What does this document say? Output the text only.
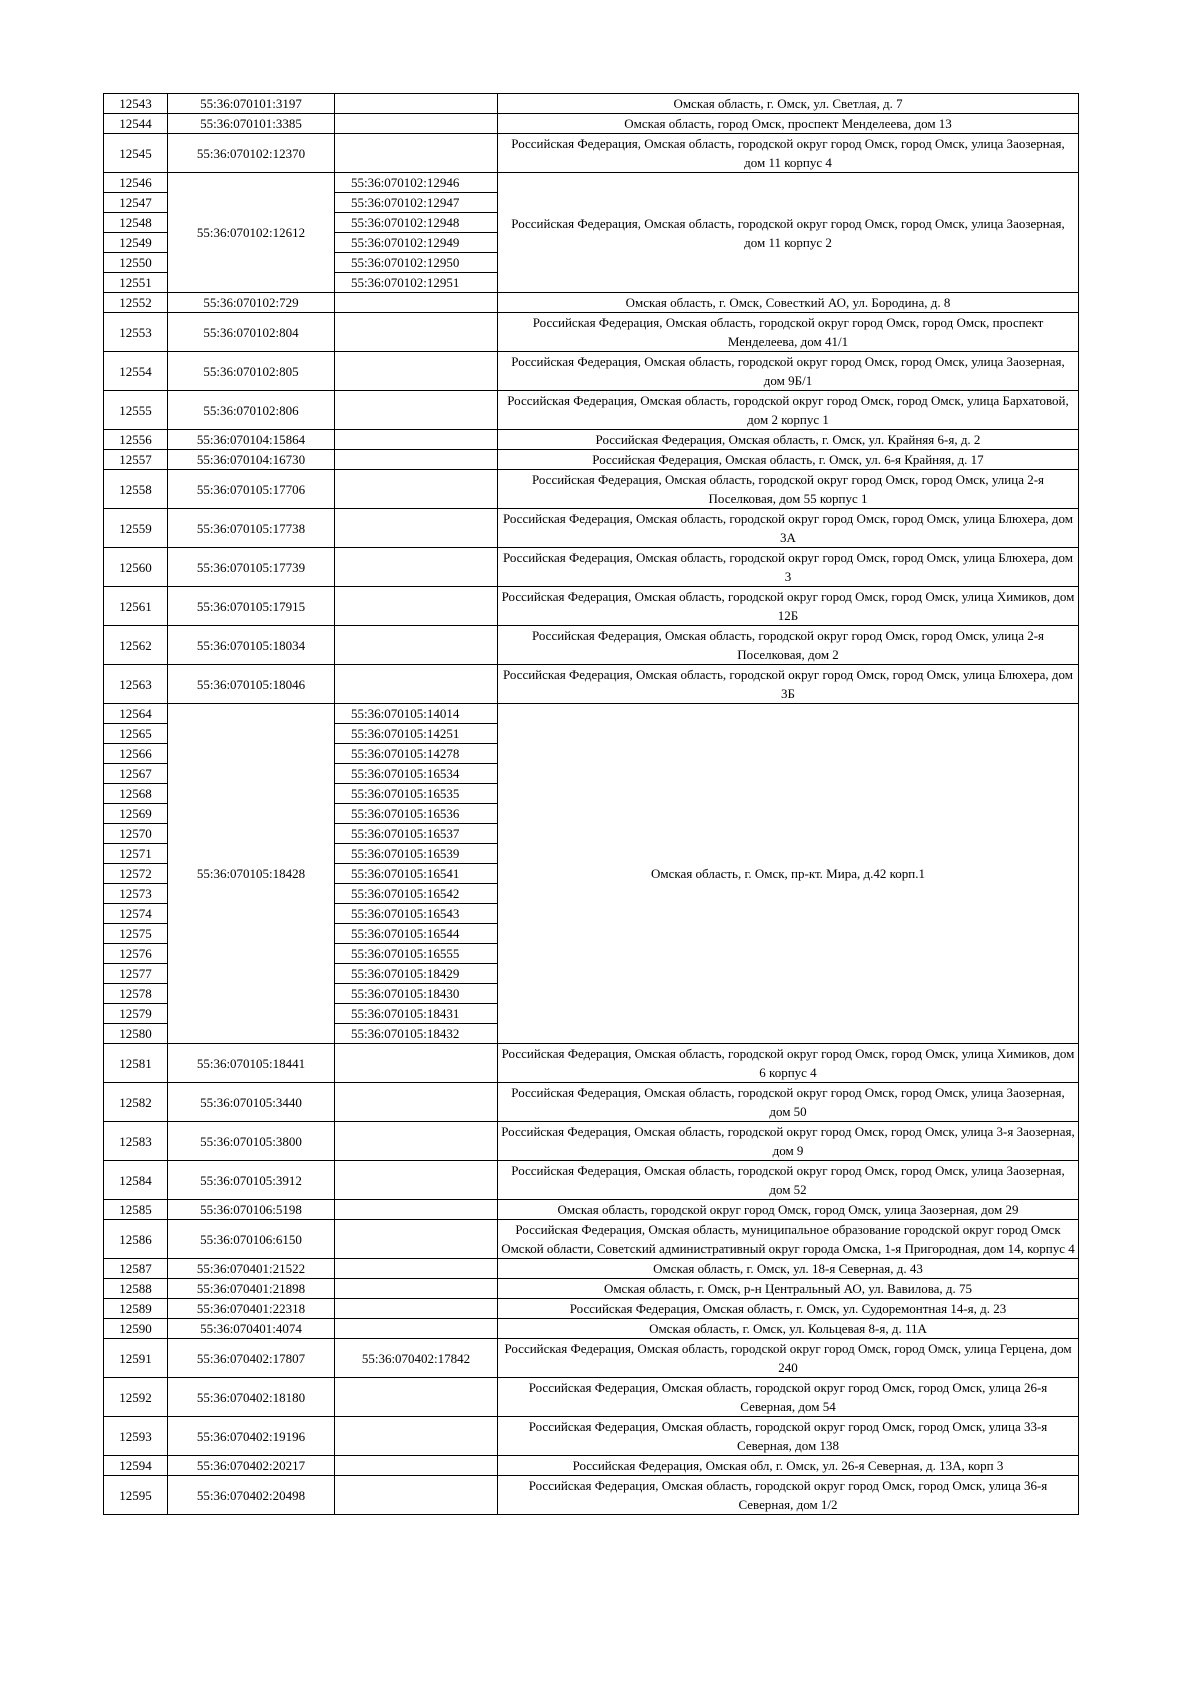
12543	55:36:070101:3197		Омская область, г. Омск, ул. Светлая, д. 7
12544	55:36:070101:3385		Омская область, город Омск, проспект Менделеева, дом 13
12545	55:36:070102:12370		Российская Федерация, Омская область, городской округ город Омск, город Омск, улица Заозерная, дом 11 корпус 4
12546	55:36:070102:12612	55:36:070102:12946	Российская Федерация, Омская область, городской округ город Омск, город Омск, улица Заозерная, дом 11 корпус 2
12547		55:36:070102:12947	
12548		55:36:070102:12948	
12549		55:36:070102:12949	
12550		55:36:070102:12950	
12551		55:36:070102:12951	
12552	55:36:070102:729		Омская область, г. Омск, Совесткий АО, ул. Бородина, д. 8
12553	55:36:070102:804		Российская Федерация, Омская область, городской округ город Омск, город Омск, проспект Менделеева, дом 41/1
12554	55:36:070102:805		Российская Федерация, Омская область, городской округ город Омск, город Омск, улица Заозерная, дом 9Б/1
12555	55:36:070102:806		Российская Федерация, Омская область, городской округ город Омск, город Омск, улица Бархатовой, дом 2 корпус 1
12556	55:36:070104:15864		Российская Федерация, Омская область, г. Омск, ул. Крайняя 6-я, д. 2
12557	55:36:070104:16730		Российская Федерация, Омская область, г. Омск, ул. 6-я Крайняя, д. 17
12558	55:36:070105:17706		Российская Федерация, Омская область, городской округ город Омск, город Омск, улица 2-я Поселковая, дом 55 корпус 1
12559	55:36:070105:17738		Российская Федерация, Омская область, городской округ город Омск, город Омск, улица Блюхера, дом 3А
12560	55:36:070105:17739		Российская Федерация, Омская область, городской округ город Омск, город Омск, улица Блюхера, дом 3
12561	55:36:070105:17915		Российская Федерация, Омская область, городской округ город Омск, город Омск, улица Химиков, дом 12Б
12562	55:36:070105:18034		Российская Федерация, Омская область, городской округ город Омск, город Омск, улица 2-я Поселковая, дом 2
12563	55:36:070105:18046		Российская Федерация, Омская область, городской округ город Омск, город Омск, улица Блюхера, дом 3Б
12564	55:36:070105:18428	55:36:070105:14014	Омская область, г. Омск, пр-кт. Мира, д.42 корп.1
12565		55:36:070105:14251	
12566		55:36:070105:14278	
12567		55:36:070105:16534	
12568		55:36:070105:16535	
12569		55:36:070105:16536	
12570		55:36:070105:16537	
12571		55:36:070105:16539	
12572		55:36:070105:16541	
12573		55:36:070105:16542	
12574		55:36:070105:16543	
12575		55:36:070105:16544	
12576		55:36:070105:16555	
12577		55:36:070105:18429	
12578		55:36:070105:18430	
12579		55:36:070105:18431	
12580		55:36:070105:18432	
12581	55:36:070105:18441		Российская Федерация, Омская область, городской округ город Омск, город Омск, улица Химиков, дом 6 корпус 4
12582	55:36:070105:3440		Российская Федерация, Омская область, городской округ город Омск, город Омск, улица Заозерная, дом 50
12583	55:36:070105:3800		Российская Федерация, Омская область, городской округ город Омск, город Омск, улица 3-я Заозерная, дом 9
12584	55:36:070105:3912		Российская Федерация, Омская область, городской округ город Омск, город Омск, улица Заозерная, дом 52
12585	55:36:070106:5198		Омская область, городской округ город Омск, город Омск, улица Заозерная, дом 29
12586	55:36:070106:6150		Российская Федерация, Омская область, муниципальное образование городской округ город Омск Омской области, Советский административный округ города Омска, 1-я Пригородная, дом 14, корпус 4
12587	55:36:070401:21522		Омская область, г. Омск, ул. 18-я Северная, д. 43
12588	55:36:070401:21898		Омская область, г. Омск, р-н Центральный АО, ул. Вавилова, д. 75
12589	55:36:070401:22318		Российская Федерация, Омская область, г. Омск, ул. Судоремонтная 14-я, д. 23
12590	55:36:070401:4074		Омская область, г. Омск, ул. Кольцевая 8-я, д. 11А
12591	55:36:070402:17807	55:36:070402:17842	Российская Федерация, Омская область, городской округ город Омск, город Омск, улица Герцена, дом 240
12592	55:36:070402:18180		Российская Федерация, Омская область, городской округ город Омск, город Омск, улица 26-я Северная, дом 54
12593	55:36:070402:19196		Российская Федерация, Омская область, городской округ город Омск, город Омск, улица 33-я Северная, дом 138
12594	55:36:070402:20217		Российская Федерация, Омская обл, г. Омск, ул. 26-я Северная, д. 13А, корп 3
12595	55:36:070402:20498		Российская Федерация, Омская область, городской округ город Омск, город Омск, улица 36-я Северная, дом 1/2
